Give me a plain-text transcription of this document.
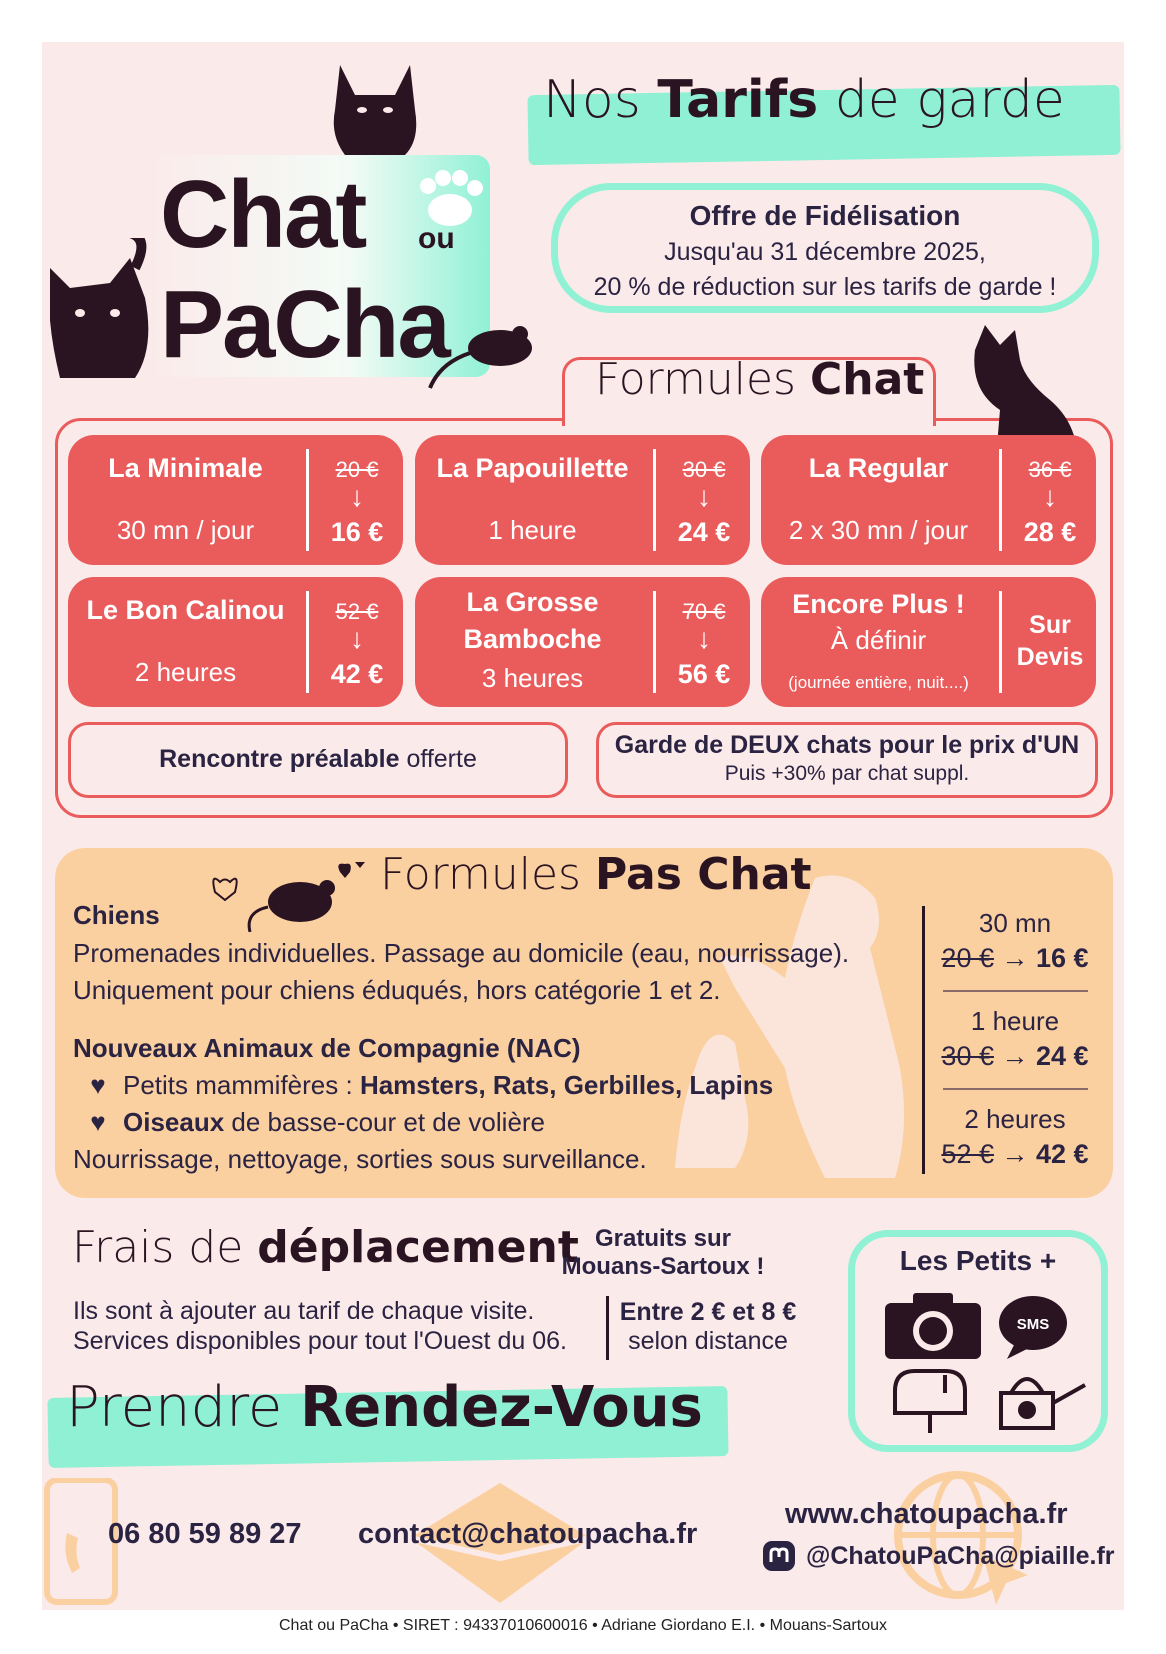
Nos Tarifs de garde
Chat
PaCha
ou
Offre de Fidélisation
Jusqu'au 31 décembre 2025,
20 % de réduction sur les tarifs de garde !
Formules Chat
La Minimale
30 mn / jour
20 €
↓
16 €
La Papouillette
1 heure
30 €
↓
24 €
La Regular
2 x 30 mn / jour
36 €
↓
28 €
Le Bon Calinou
2 heures
52 €
↓
42 €
La Grosse
Bamboche
3 heures
70 €
↓
56 €
Encore Plus !
À définir
(journée entière, nuit....)
Sur
Devis
Rencontre préalable offerte	Garde de DEUX chats pour le prix d'UN
Puis +30% par chat suppl.
Formules Pas Chat
Chiens
Promenades individuelles. Passage au domicile (eau, nourrissage).
Uniquement pour chiens éduqués, hors catégorie 1 et 2.
Nouveaux Animaux de Compagnie (NAC)
♥ Petits mammifères : Hamsters, Rats, Gerbilles, Lapins
♥ Oiseaux de basse-cour et de volière
Nourrissage, nettoyage, sorties sous surveillance.
30 mn
20 € → 16 €
1 heure
30 € → 24 €
2 heures
52 € → 42 €
Frais de déplacement Gratuits sur
Mouans-Sartoux !
Ils sont à ajouter au tarif de chaque visite.
Services disponibles pour tout l'Ouest du 06.
Entre 2 € et 8 €
selon distance
Les Petits +
SMS
Prendre Rendez-Vous
06 80 59 89 27 contact@chatoupacha.fr
www.chatoupacha.fr
@ChatouPaCha@piaille.fr
Chat ou PaCha • SIRET : 94337010600016 • Adriane Giordano E.I. • Mouans-Sartoux
